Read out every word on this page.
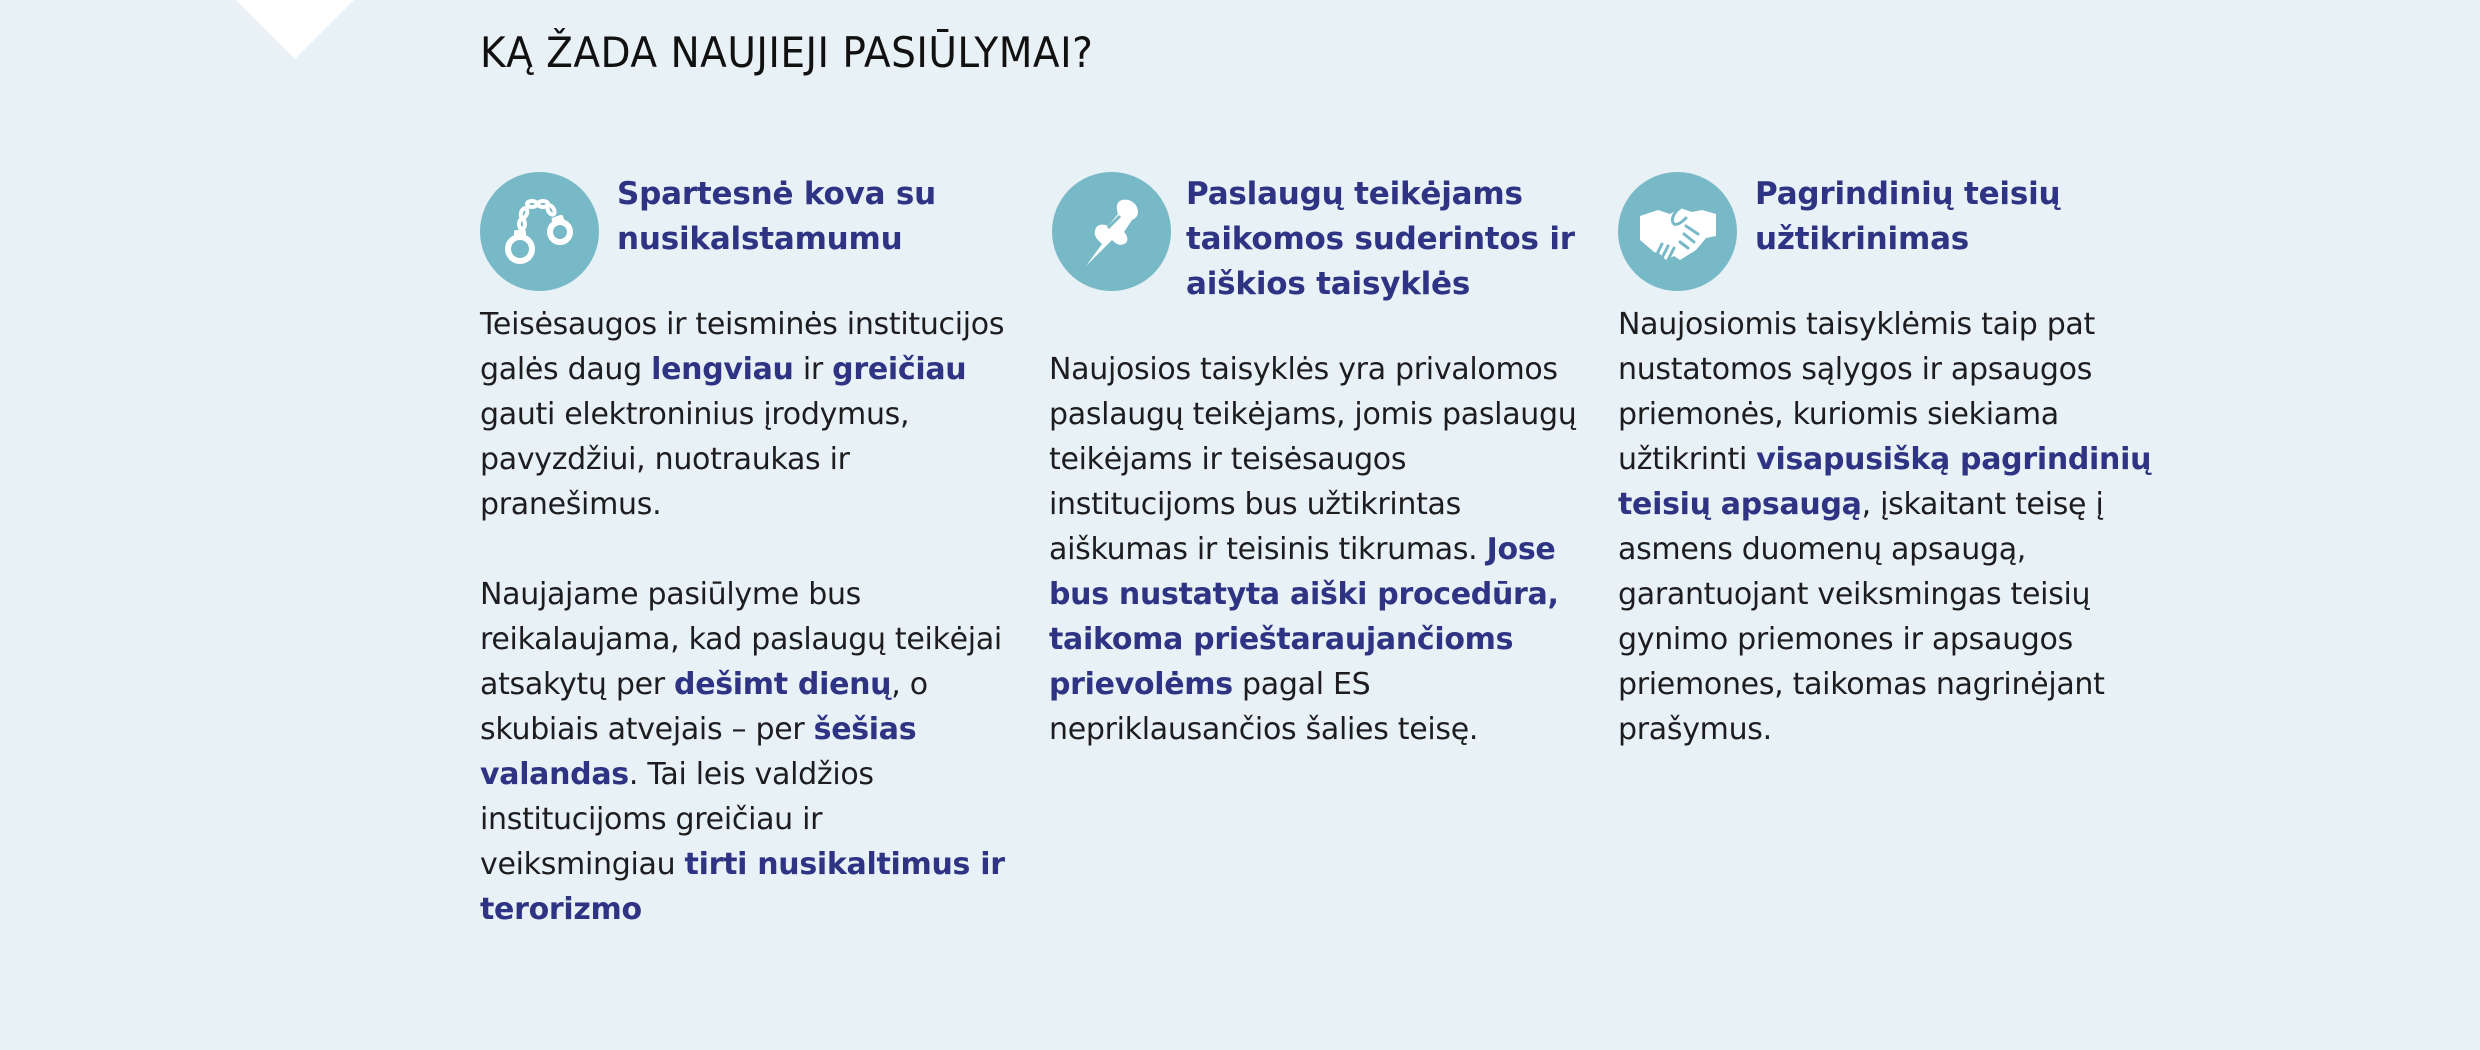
KĄ ŽADA NAUJIEJI PASIŪLYMAI?
Spartesnė kova su nusikalstamumu

Teisėsaugos ir teisminės institucijos galės daug lengviau ir greičiau gauti elektroninius įrodymus, pavyzdžiui, nuotraukas ir pranešimus.

Naujajame pasiūlyme bus reikalaujama, kad paslaugų teikėjai atsakytų per dešimt dienų, o skubiais atvejais – per šešias valandas. Tai leis valdžios institucijoms greičiau ir veiksmingiau tirti nusikaltimus ir terorizmo

Paslaugų teikėjams taikomos suderintos ir aiškios taisyklės

Naujosios taisyklės yra privalomos paslaugų teikėjams, jomis paslaugų teikėjams ir teisėsaugos institucijoms bus užtikrintas aiškumas ir teisinis tikrumas. Jose bus nustatyta aiški procedūra, taikoma prieštaraujančioms prievolėms pagal ES nepriklausančios šalies teisę.

Pagrindinių teisių užtikrinimas

Naujosiomis taisyklėmis taip pat nustatomos sąlygos ir apsaugos priemonės, kuriomis siekiama užtikrinti visapusišką pagrindinių teisių apsaugą, įskaitant teisę į asmens duomenų apsaugą, garantuojant veiksmingas teisių gynimo priemones ir apsaugos priemones, taikomas nagrinėjant prašymus.
